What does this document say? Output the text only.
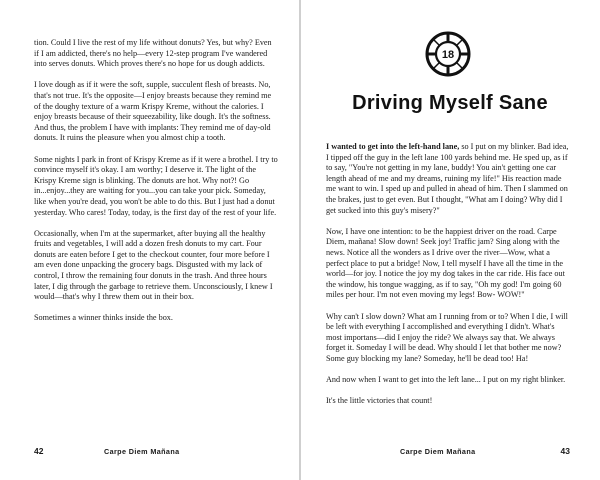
tion. Could I live the rest of my life without donuts? Yes, but why? Even if I am addicted, there's no help—every 12-step program I've wandered into serves donuts. Which proves there's no hope for us dough addicts.

I love dough as if it were the soft, supple, succulent flesh of breasts. No, that's not true. It's the opposite—I enjoy breasts because they remind me of the doughy texture of a warm Krispy Kreme, without the calories. I enjoy breasts because of their squeezability, like dough. It's the softness. And thus, the problem I have with implants: They remind me of day-old donuts. It ruins the pleasure when you almost chip a tooth.

Some nights I park in front of Krispy Kreme as if it were a brothel. I try to convince myself it's okay. I am worthy; I deserve it. The light of the Krispy Kreme sign is blinking. The donuts are hot. Why not?! Go in...enjoy...they are waiting for you...you can take your pick. Someday, like when you're dead, you won't be able to do this. But I just had a donut yesterday. Who cares! Today, today, is the first day of the rest of your life.

Occasionally, when I'm at the supermarket, after buying all the healthy fruits and vegetables, I will add a dozen fresh donuts to my cart. Four donuts are eaten before I get to the checkout counter, four more before I am even done unpacking the grocery bags. Disgusted with my lack of control, I throw the remaining four donuts in the trash. And three hours later, I dig through the garbage to retrieve them. Unconsciously, I knew I would—that's why I threw them out in their box.

Sometimes a winner thinks inside the box.

42	Carpe Diem Mañana
18
Driving Myself Sane

I wanted to get into the left-hand lane, so I put on my blinker. Bad idea, I tipped off the guy in the left lane 100 yards behind me. He sped up, as if to say, "You're not getting in my lane, buddy! You ain't getting one car length ahead of me and my dreams, ruining my life!" His reaction made me want to win. I sped up and pulled in ahead of him. Then I slammed on the brakes, just to get even. But I thought, "What am I doing? Why did I get sucked into this guy's misery?"

Now, I have one intention: to be the happiest driver on the road. Carpe Diem, mañana! Slow down! Seek joy! Traffic jam? Sing along with the news. Notice all the wonders as I drive over the river—Wow, what a perfect place to put a bridge! Now, I tell myself I have all the time in the world—for joy. I notice the joy my dog takes in the car ride. His face out the window, his tongue wagging, as if to say, "Oh my god! I'm going 60 miles per hour. I'm not even moving my legs! Bow- WOW!"

Why can't I slow down? What am I running from or to? When I die, I will be left with everything I accomplished and everything I didn't. What's most importans—did I enjoy the ride? We always say that. We always forget it. Someday I will be dead. Why should I let that bother me now? Some guy blocking my lane? Someday, he'll be dead too! Ha!

And now when I want to get into the left lane... I put on my right blinker.

It's the little victories that count!

Carpe Diem Mañana	43
